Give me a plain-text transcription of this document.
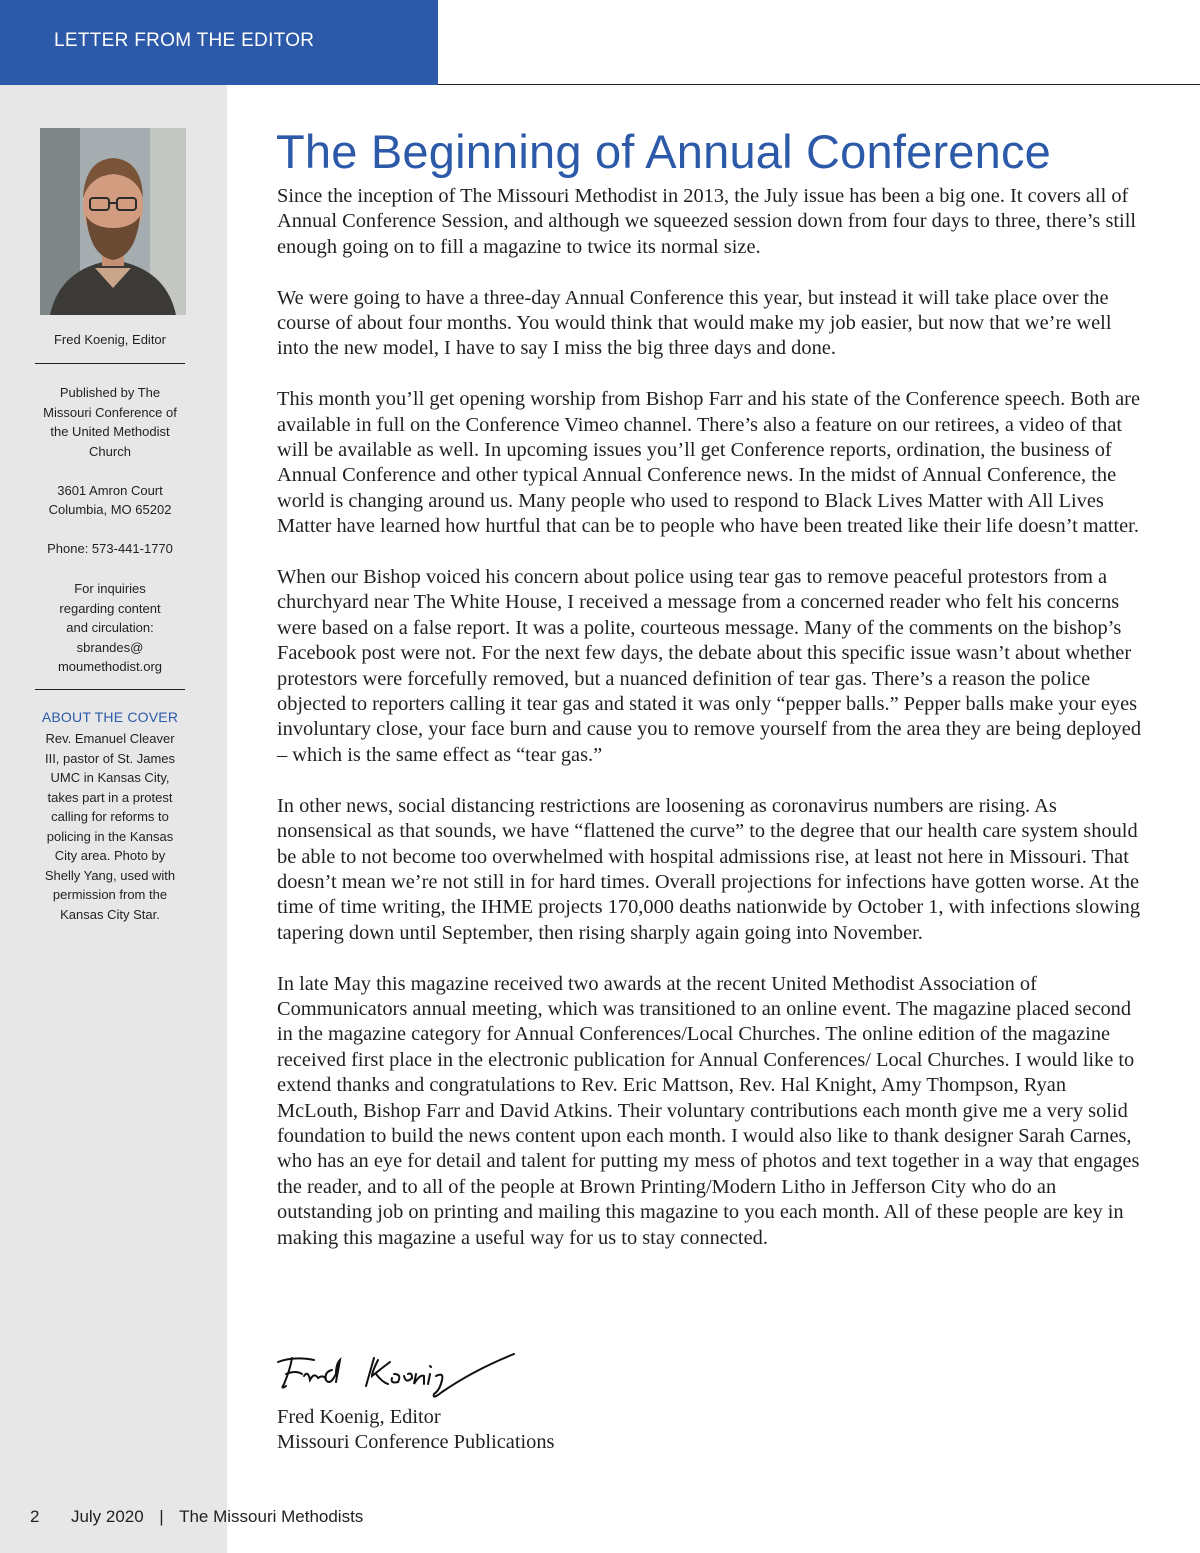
LETTER FROM THE EDITOR
Fred Koenig, Editor
Published by The Missouri Conference of the United Methodist Church
3601 Amron Court
Columbia, MO 65202
Phone: 573-441-1770
For inquiries regarding content and circulation: sbrandes@ moumethodist.org
ABOUT THE COVER
Rev. Emanuel Cleaver III, pastor of St. James UMC in Kansas City, takes part in a protest calling for reforms to policing in the Kansas City area. Photo by Shelly Yang, used with permission from the Kansas City Star.
The Beginning of Annual Conference

Since the inception of The Missouri Methodist in 2013, the July issue has been a big one. It covers all of Annual Conference Session, and although we squeezed session down from four days to three, there’s still enough going on to fill a magazine to twice its normal size.

We were going to have a three-day Annual Conference this year, but instead it will take place over the course of about four months. You would think that would make my job easier, but now that we’re well into the new model, I have to say I miss the big three days and done.

This month you’ll get opening worship from Bishop Farr and his state of the Conference speech. Both are available in full on the Conference Vimeo channel. There’s also a feature on our retirees, a video of that will be available as well. In upcoming issues you’ll get Conference reports, ordination, the business of Annual Conference and other typical Annual Conference news. In the midst of Annual Conference, the world is changing around us. Many people who used to respond to Black Lives Matter with All Lives Matter have learned how hurtful that can be to people who have been treated like their life doesn’t matter.

When our Bishop voiced his concern about police using tear gas to remove peaceful protestors from a churchyard near The White House, I received a message from a concerned reader who felt his concerns were based on a false report. It was a polite, courteous message. Many of the comments on the bishop’s Facebook post were not. For the next few days, the debate about this specific issue wasn’t about whether protestors were forcefully removed, but a nuanced definition of tear gas. There’s a reason the police objected to reporters calling it tear gas and stated it was only “pepper balls.” Pepper balls make your eyes involuntary close, your face burn and cause you to remove yourself from the area they are being deployed – which is the same effect as “tear gas.”

In other news, social distancing restrictions are loosening as coronavirus numbers are rising. As nonsensical as that sounds, we have “flattened the curve” to the degree that our health care system should be able to not become too overwhelmed with hospital admissions rise, at least not here in Missouri. That doesn’t mean we’re not still in for hard times. Overall projections for infections have gotten worse. At the time of time writing, the IHME projects 170,000 deaths nationwide by October 1, with infections slowing tapering down until September, then rising sharply again going into November.

In late May this magazine received two awards at the recent United Methodist Association of Communicators annual meeting, which was transitioned to an online event. The magazine placed second in the magazine category for Annual Conferences/Local Churches. The online edition of the magazine received first place in the electronic publication for Annual Conferences/ Local Churches. I would like to extend thanks and congratulations to Rev. Eric Mattson, Rev. Hal Knight, Amy Thompson, Ryan McLouth, Bishop Farr and David Atkins. Their voluntary contributions each month give me a very solid foundation to build the news content upon each month. I would also like to thank designer Sarah Carnes, who has an eye for detail and talent for putting my mess of photos and text together in a way that engages the reader, and to all of the people at Brown Printing/Modern Litho in Jefferson City who do an outstanding job on printing and mailing this magazine to you each month. All of these people are key in making this magazine a useful way for us to stay connected.

Fred Koenig, Editor
Missouri Conference Publications
2 July 2020 | The Missouri Methodists
